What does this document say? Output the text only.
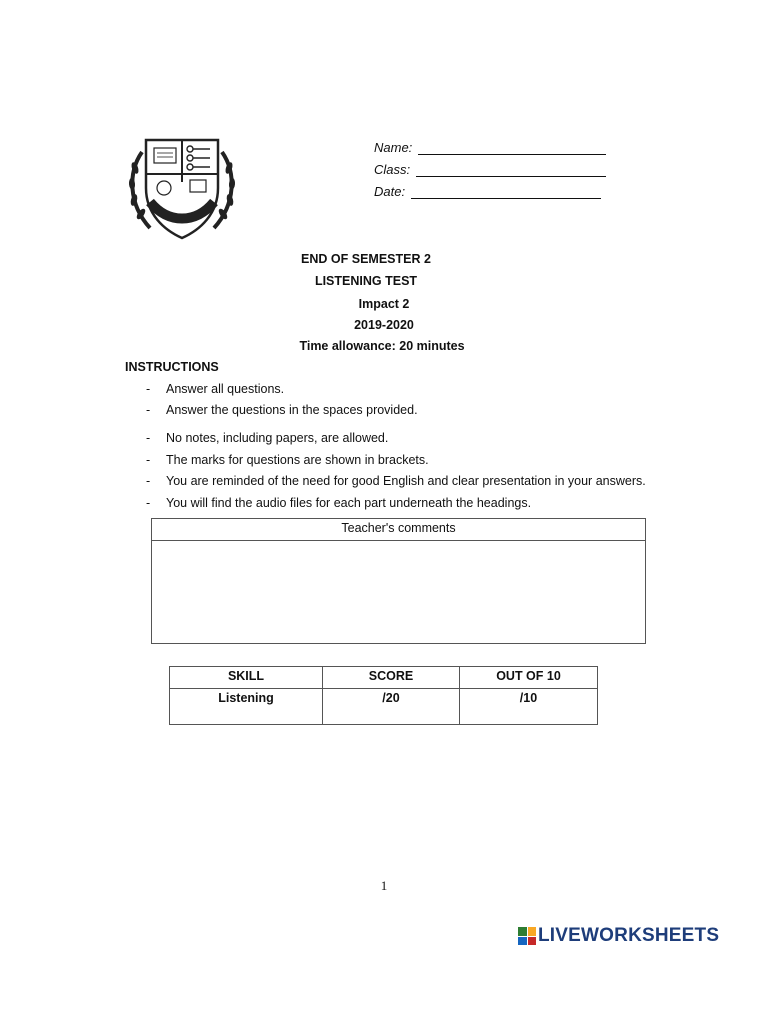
Name:
Class:
Date:
END OF SEMESTER 2
LISTENING TEST
Impact 2
2019-2020
Time allowance: 20 minutes
INSTRUCTIONS
-	Answer all questions.
-	Answer the questions in the spaces provided.
-	No notes, including papers, are allowed.
-	The marks for questions are shown in brackets.
-	You are reminded of the need for good English and clear presentation in your answers.
-	You will find the audio files for each part underneath the headings.
Teacher's comments
SKILL	SCORE	OUT OF 10
Listening	/20	/10
1
LIVEWORKSHEETS
